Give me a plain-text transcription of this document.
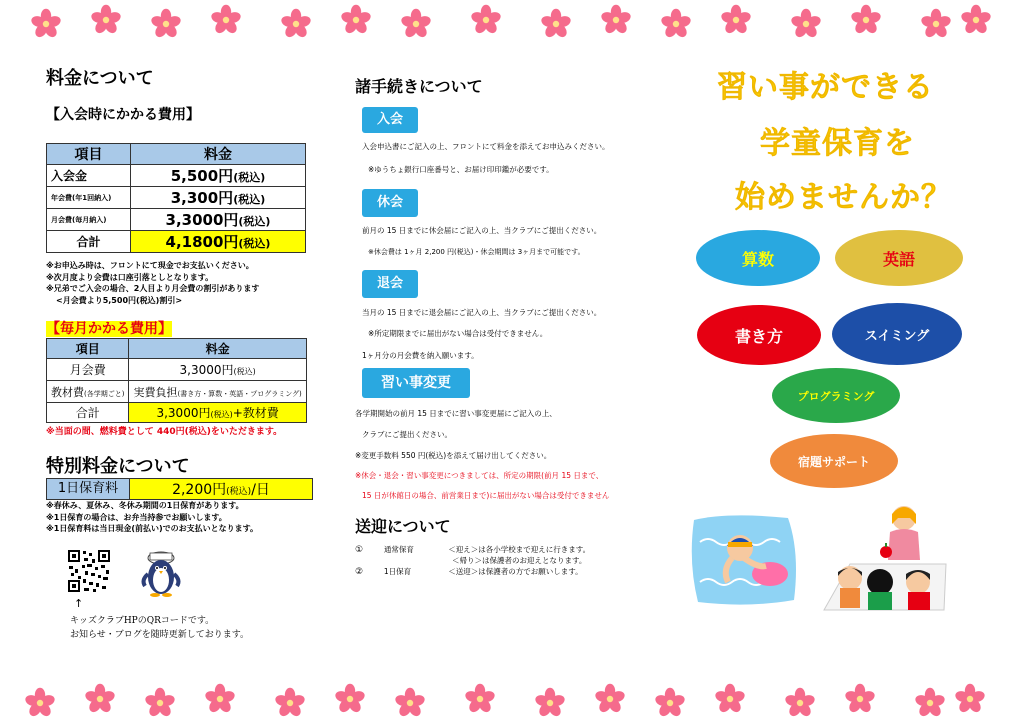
料金について
【入会時にかかる費用】
項目	料金
入会金	5,500円(税込)
年会費(年1回納入)	3,300円(税込)
月会費(毎月納入)	3,3000円(税込)
合計	4,1800円(税込)
※お申込み時は、フロントにて現金でお支払いください。
※次月度より会費は口座引落としとなります。
※兄弟でご入会の場合、2人目より月会費の割引があります
<月会費より5,500円(税込)割引>
【毎月かかる費用】
項目	料金
月会費	3,3000円(税込)
教材費(各学期ごと)	実費負担(書き方・算数・英語・プログラミング)
合計	3,3000円(税込)+教材費
※当面の間、燃料費として 440円(税込)をいただきます。
特別料金について
1日保育料	2,200円(税込)/日
※春休み、夏休み、冬休み期間の1日保育があります。
※1日保育の場合は、お弁当持参でお願いします。
※1日保育料は当日現金(前払い)でのお支払いとなります。
↑
キッズクラブHPのQRコードです。
お知らせ・ブログを随時更新しております。
諸手続きについて
入会
入会申込書にご記入の上、フロントにて料金を添えてお申込みください。
※ゆうちょ銀行口座番号と、お届け印印鑑が必要です。
休会
前月の 15 日までに休会届にご記入の上、当クラブにご提出ください。
※休会費は 1ヶ月 2,200 円(税込)・休会期間は 3ヶ月まで可能です。
退会
当月の 15 日までに退会届にご記入の上、当クラブにご提出ください。
※所定期限までに届出がない場合は受付できません。
1ヶ月分の月会費を納入願います。
習い事変更
各学期開始の前月 15 日までに習い事変更届にご記入の上、
クラブにご提出ください。
※変更手数料 550 円(税込)を添えて届け出してください。
※休会・退会・習い事変更につきましては、所定の期限(前月 15 日まで、
15 日が休館日の場合、前営業日まで)に届出がない場合は受付できません
送迎について
①	通常保育	＜迎え＞は各小学校まで迎えに行きます。
＜帰り＞は保護者のお迎えとなります。
②	1日保育	＜送迎＞は保護者の方でお願いします。
習い事ができる
学童保育を
始めませんか？
算数	英語
書き方	スイミング
プログラミング
宿題サポート
